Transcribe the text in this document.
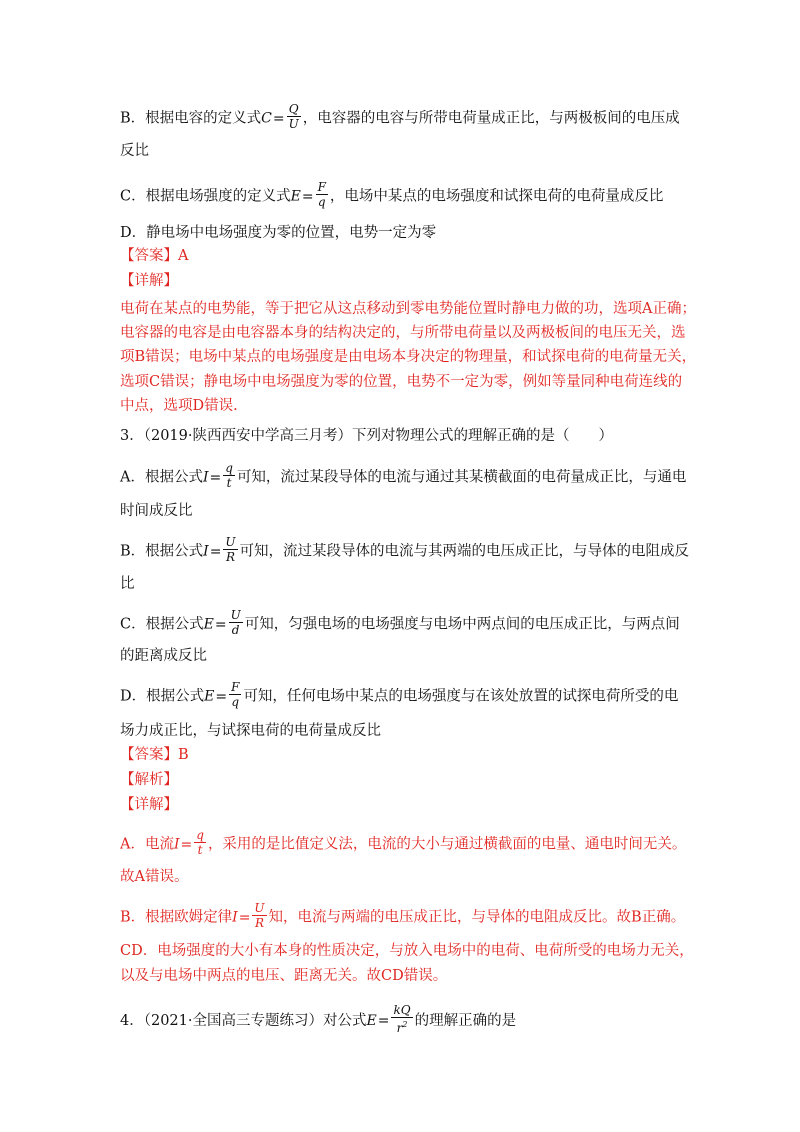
B．根据电容的定义式$C= \frac{Q}{U}$ ，电容器的电容与所带电荷量成正比，与两极板间的电压成
反比
C．根据电场强度的定义式$E= \frac{F}{q}$ ，电场中某点的电场强度和试探电荷的电荷量成反比
D．静电场中电场强度为零的位置，电势一定为零
【答案】A
【详解】
电荷在某点的电势能，等于把它从这点移动到零电势能位置时静电力做的功，选项A正确；
电容器的电容是由电容器本身的结构决定的，与所带电荷量以及两极板间的电压无关，选
项B错误；电场中某点的电场强度是由电场本身决定的物理量，和试探电荷的电荷量无关，
选项C错误；静电场中电场强度为零的位置，电势不一定为零，例如等量同种电荷连线的
中点，选项D错误.
3．（2019·陕西西安中学高三月考）下列对物理公式的理解正确的是（　　）
A．根据公式$I= \frac{q}{t}$ 可知，流过某段导体的电流与通过其某横截面的电荷量成正比，与通电
时间成反比
B．根据公式$I= \frac{U}{R}$ 可知，流过某段导体的电流与其两端的电压成正比，与导体的电阻成反
比
C．根据公式$E= \frac{U}{d}$ 可知，匀强电场的电场强度与电场中两点间的电压成正比，与两点间
的距离成反比
D．根据公式$E= \frac{F}{q}$ 可知，任何电场中某点的电场强度与在该处放置的试探电荷所受的电
场力成正比，与试探电荷的电荷量成反比
【答案】B
【解析】
【详解】
A．电流$I= \frac{q}{t}$ ，采用的是比值定义法，电流的大小与通过横截面的电量、通电时间无关。
故A错误。
B．根据欧姆定律$I= \frac{U}{R}$ 知，电流与两端的电压成正比，与导体的电阻成反比。故B正确。
CD．电场强度的大小有本身的性质决定，与放入电场中的电荷、电荷所受的电场力无关，
以及与电场中两点的电压、距离无关。故CD错误。
4．（2021·全国高三专题练习）对公式$E= \frac{kQ}{r^2}$ 的理解正确的是
